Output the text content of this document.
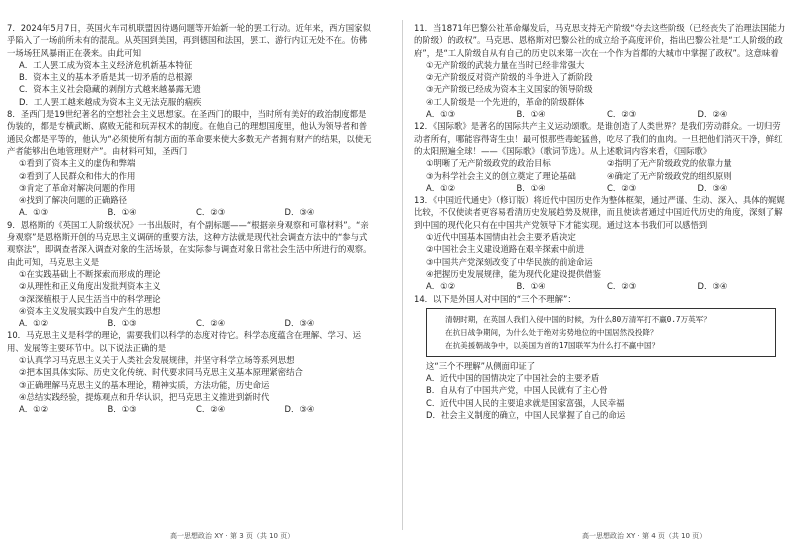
7．2024年5月7日，英国火车司机联盟因待遇问题等开始新一轮的罢工行动。近年来，西方国家似乎陷入了一场前所未有的混乱。从英国到美国，再到德国和法国，罢工、游行内讧无处不在。仿佛一场场狂风暴雨正在袭来。由此可知

A．工人罢工成为资本主义经济危机新基本特征

B．资本主义的基本矛盾是其一切矛盾的总根源

C．资本主义社会隐藏的剥削方式越来越暴露无遗

D．工人罢工越来越成为资本主义无法克服的痼疾

8．圣西门是19世纪著名的空想社会主义思想家。在圣西门的眼中，当时所有美好的政治制度都是伪装的，都是专横武断、腐败无能和玩弄权术的制度。在他自己的理想国度里，他认为领导者和普通民众都是平等的，他认为“必须使所有制方面的革命要来使大多数无产者拥有财产的结果，以使无产者能够出色地管理财产”。由材料可知，圣西门

①看到了资本主义的虚伪和弊端

②看到了人民群众和伟大的作用

③肯定了革命对解决问题的作用

④找到了解决问题的正确路径

A．①③	B．①④	C．②③	D．③④

9．恩格斯的《英国工人阶级状况》一书出版时，有个副标题——“根据亲身观察和可靠材料”。“亲身观察”是恩格斯开创的马克思主义调研的重要方法，这种方法就是现代社会调查方法中的“参与式观察法”，即调查者深入调查对象的生活场景，在实际参与调查对象日常社会生活中所进行的观察。由此可知，马克思主义是

①在实践基础上不断探索而形成的理论

②从理性和正义角度出发批判资本主义

③深深植根于人民生活当中的科学理论

④资本主义发展实践中自发产生的思想

A．①②	B．①③	C．②④	D．③④

10．马克思主义是科学的理论，需要我们以科学的态度对待它。科学态度蕴含在理解、学习、运用、发展等主要环节中。以下说法正确的是

①认真学习马克思主义关于人类社会发展规律，并坚守科学立场等系列思想

②把本国具体实际、历史文化传统、时代要求同马克思主义基本原理紧密结合

③正确理解马克思主义的基本理论，精神实质，方法功能，历史命运

④总结实践经验，提炼观点和升华认识，把马克思主义推进到新时代

A．①②	B．①③	C．②④	D．③④

11．当1871年巴黎公社革命爆发后，马克思支持无产阶级“夺去这些阶级（已经丧失了治理法国能力的阶级）的政权”。马克思、恩格斯对巴黎公社的成立给予高度评价，指出巴黎公社是“工人阶级的政府”，是“工人阶级自从有自己的历史以来第一次在一个作为首都的大城市中掌握了政权”。这意味着

①无产阶级的武装力量在当时已经非常强大

②无产阶级反对资产阶级的斗争进入了新阶段

③无产阶级已经成为资本主义国家的领导阶级

④工人阶级是一个先进的，革命的阶级群体

A．①③	B．①④	C．②③	D．②④

12．《国际歌》是著名的国际共产主义运动颂歌。是谁创造了人类世界？是我们劳动群众。一切归劳动者所有，哪能容得寄生虫！最可恨那些毒蛇猛兽，吃尽了我们的血肉。一旦把他们消灭干净，鲜红的太阳照遍全球！——《国际歌》（歌词节选）。从上述歌词内容来看，《国际歌》

①明晰了无产阶级政党的政治目标	②指明了无产阶级政党的依靠力量
③为科学社会主义的创立奠定了理论基础	④确定了无产阶级政党的组织原则
A．①②	B．①④	C．②③	D．③④

13．《中国近代通史》（修订版）将近代中国历史作为整体框架，通过严谨、生动、深入、具体的娓娓比较，不仅使读者更容易看清历史发展趋势及规律，而且使读者通过中国近代历史的角度，深刻了解到中国的现代化只有在中国共产党领导下才能实现。通过这本书我们可以感悟到

①近代中国基本国情由社会主要矛盾决定

②中国社会主义建设道路在艰辛探索中前进

③中国共产党深刻改变了中华民族的前途命运

④把握历史发展规律，能为现代化建设提供借鉴

A．①②	B．①④	C．②③	D．③④

14．以下是外国人对中国的“三个不理解”：

清朝时期，在英国人我们入侵中国的时候，为什么80万清军打不赢0.7万英军？

在抗日战争期间，为什么处于绝对劣势地位的中国居然没投降？

在抗美援朝战争中，以美国为首的17国联军为什么打不赢中国？

这“三个不理解”从侧面印证了

A．近代中国的国情决定了中国社会的主要矛盾

B．自从有了中国共产党，中国人民就有了主心骨

C．近代中国人民的主要追求就是国家富强，人民幸福

D．社会主义制度的确立，中国人民掌握了自己的命运

高一思想政治 XY · 第 3 页（共 10 页）	高一思想政治 XY · 第 4 页（共 10 页）
